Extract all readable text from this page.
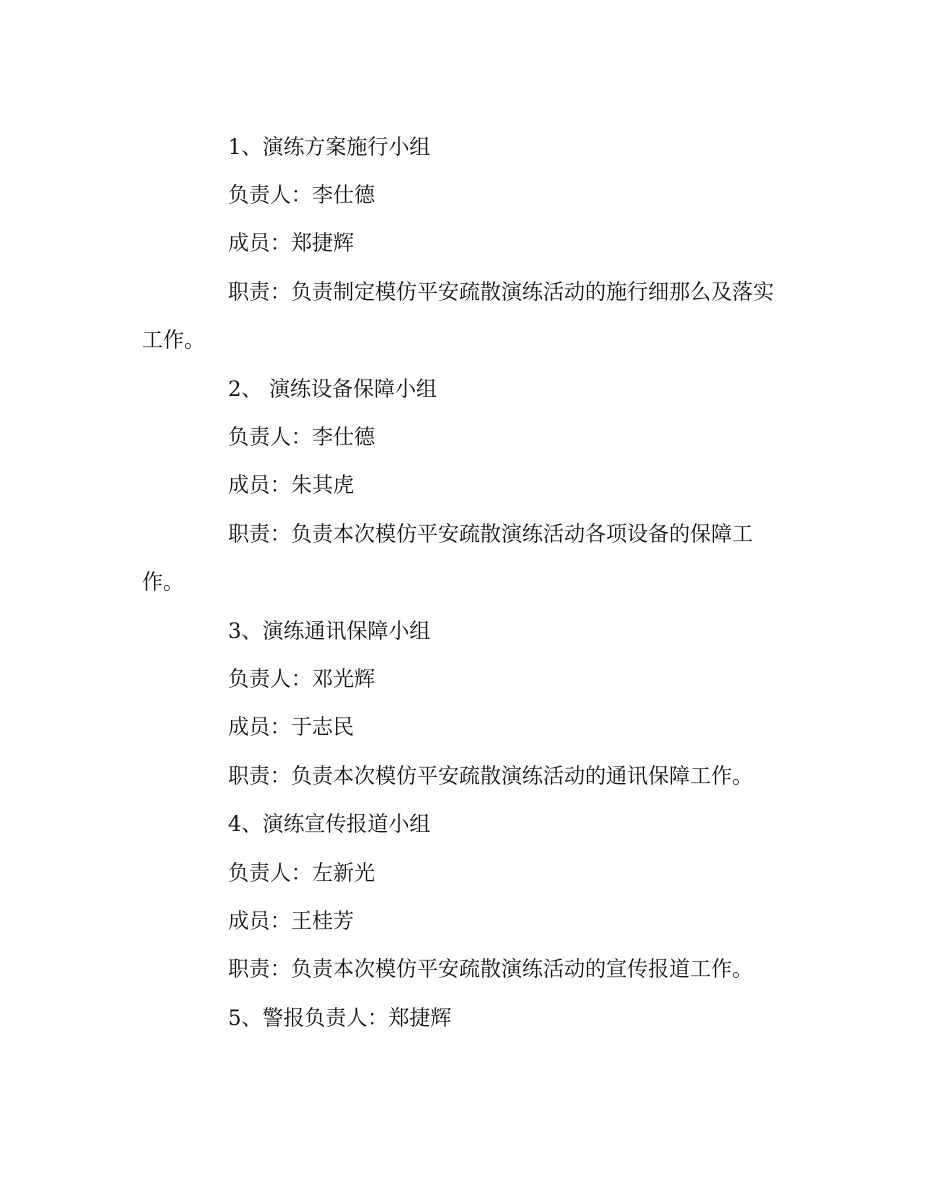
1、演练方案施行小组
负责人：李仕德
成员：郑捷辉
职责：负责制定模仿平安疏散演练活动的施行细那么及落实
工作。
2、 演练设备保障小组
负责人：李仕德
成员：朱其虎
职责：负责本次模仿平安疏散演练活动各项设备的保障工
作。
3、演练通讯保障小组
负责人：邓光辉
成员：于志民
职责：负责本次模仿平安疏散演练活动的通讯保障工作。
4、演练宣传报道小组
负责人：左新光
成员：王桂芳
职责：负责本次模仿平安疏散演练活动的宣传报道工作。
5、警报负责人：郑捷辉
